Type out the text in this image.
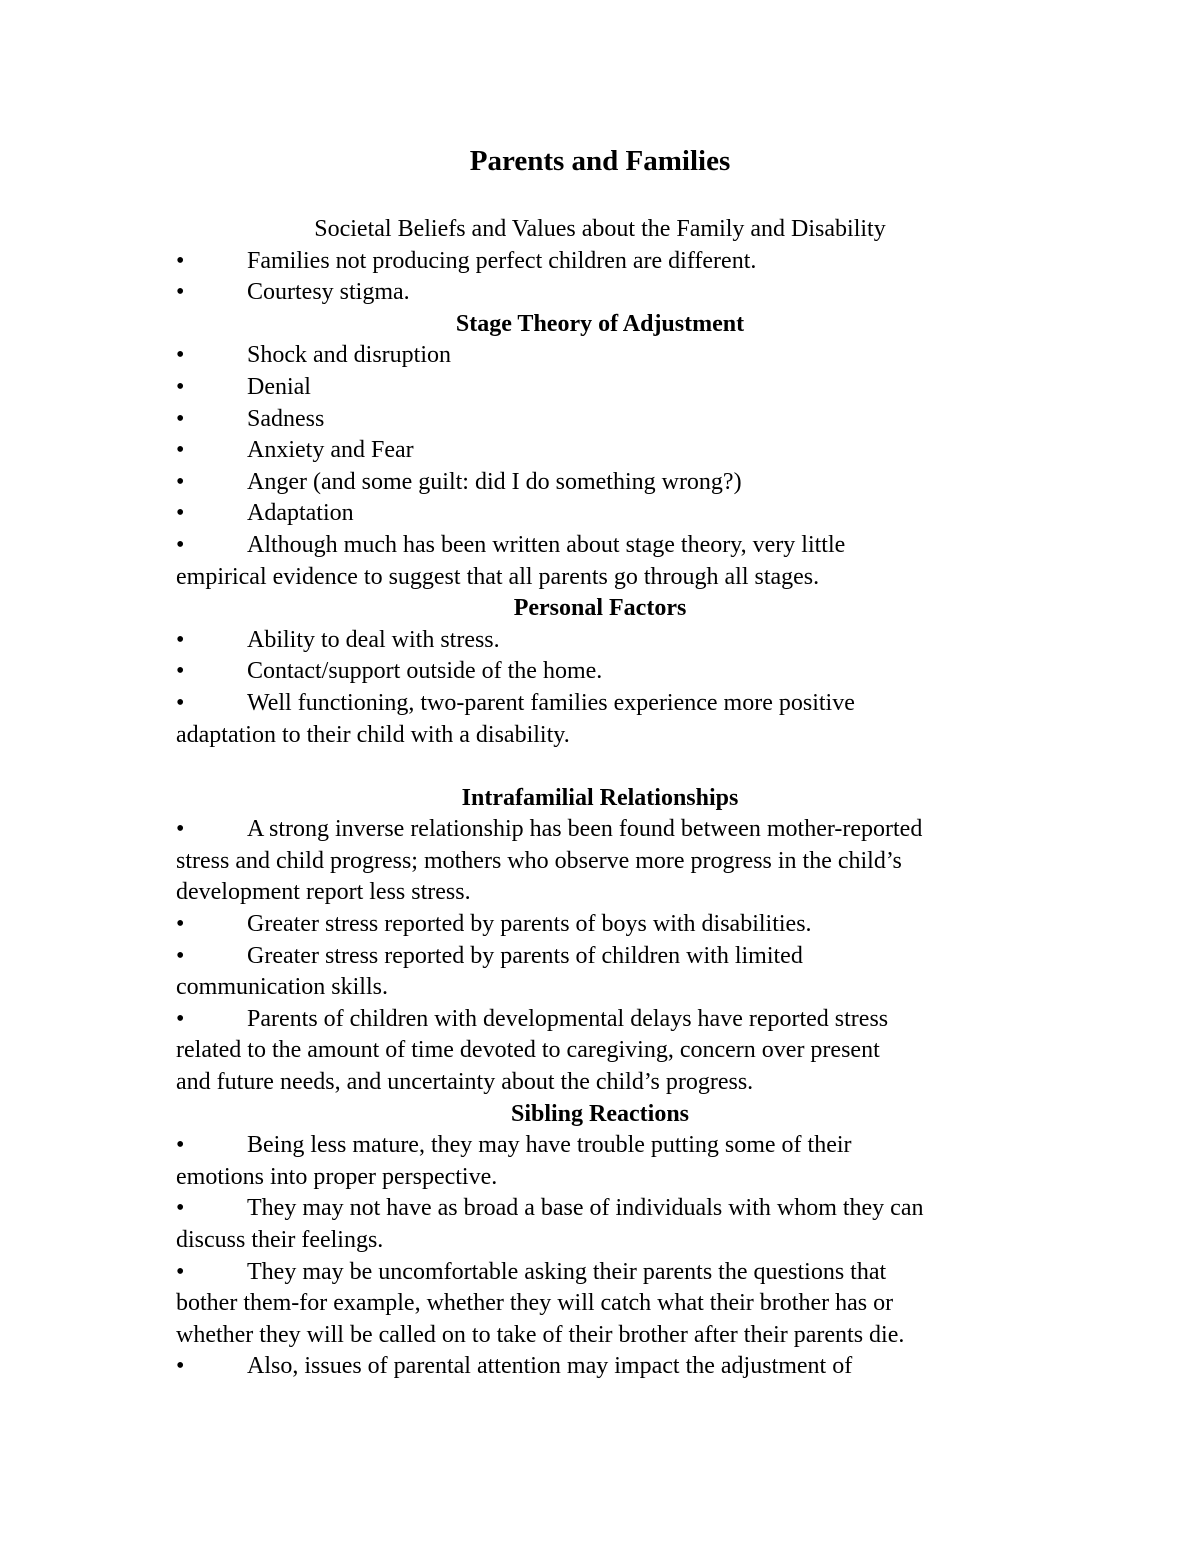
Parents and Families
Societal Beliefs and Values about the Family and Disability
•	Families not producing perfect children are different.
•	Courtesy stigma.
Stage Theory of Adjustment
•	Shock and disruption
•	Denial
•	Sadness
•	Anxiety and Fear
•	Anger (and some guilt: did I do something wrong?)
•	Adaptation
•	Although much has been written about stage theory, very little
empirical evidence to suggest that all parents go through all stages.
Personal Factors
•	Ability to deal with stress.
•	Contact/support outside of the home.
•	Well functioning, two-parent families experience more positive
adaptation to their child with a disability.
Intrafamilial Relationships
•	A strong inverse relationship has been found between mother-reported
stress and child progress; mothers who observe more progress in the child’s
development report less stress.
•	Greater stress reported by parents of boys with disabilities.
•	Greater stress reported by parents of children with limited
communication skills.
•	Parents of children with developmental delays have reported stress
related to the amount of time devoted to caregiving, concern over present
and future needs, and uncertainty about the child’s progress.
Sibling Reactions
•	Being less mature, they may have trouble putting some of their
emotions into proper perspective.
•	They may not have as broad a base of individuals with whom they can
discuss their feelings.
•	They may be uncomfortable asking their parents the questions that
bother them-for example, whether they will catch what their brother has or
whether they will be called on to take of their brother after their parents die.
•	Also, issues of parental attention may impact the adjustment of
